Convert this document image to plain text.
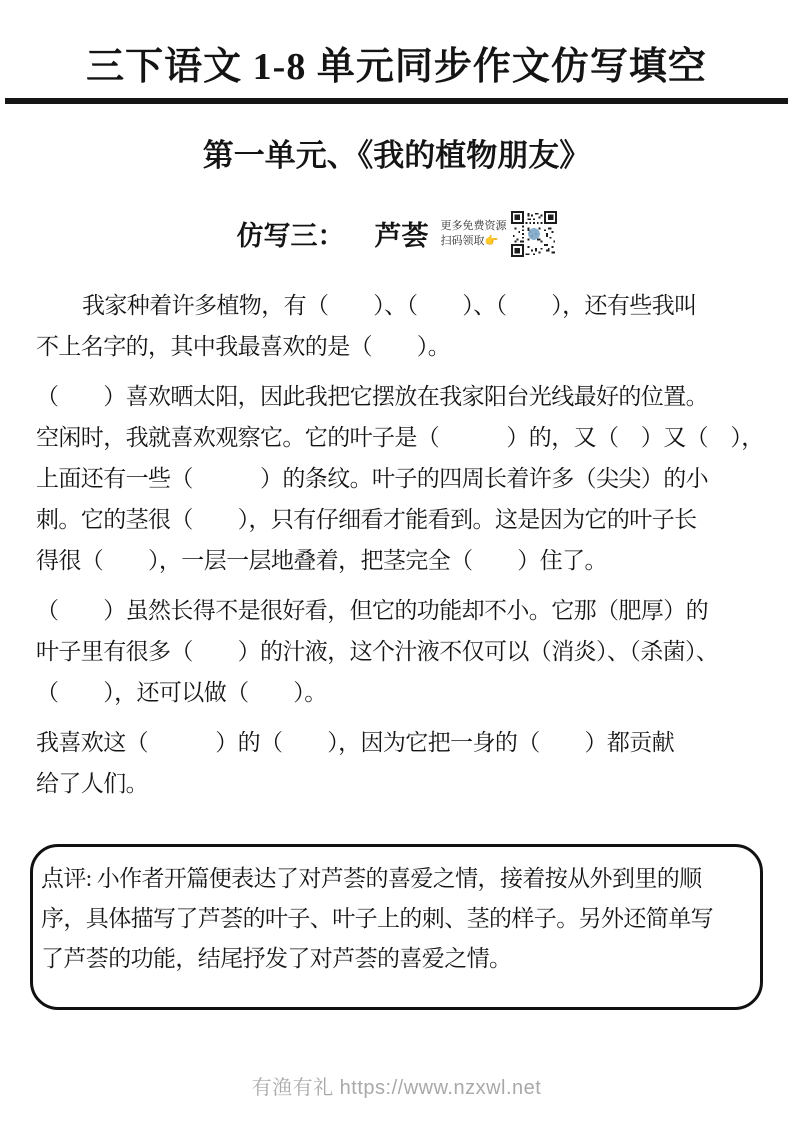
三下语文 1-8 单元同步作文仿写填空
第一单元、《我的植物朋友》
仿写三： 芦荟 更多免费资源
扫码领取👉
我家种着许多植物，有（　　）、（　　）、（　　），还有些我叫
不上名字的，其中我最喜欢的是（　　）。
（　　）喜欢晒太阳，因此我把它摆放在我家阳台光线最好的位置。
空闲时，我就喜欢观察它。它的叶子是（　　　）的，又（　）又（　），
上面还有一些（　　　）的条纹。叶子的四周长着许多（尖尖）的小
刺。它的茎很（　　），只有仔细看才能看到。这是因为它的叶子长
得很（　　），一层一层地叠着，把茎完全（　　）住了。
（　　）虽然长得不是很好看，但它的功能却不小。它那（肥厚）的
叶子里有很多（　　）的汁液，这个汁液不仅可以（消炎）、（杀菌）、
（　　），还可以做（　　）。
我喜欢这（　　　）的（　　），因为它把一身的（　　）都贡献
给了人们。
点评: 小作者开篇便表达了对芦荟的喜爱之情，接着按从外到里的顺
序，具体描写了芦荟的叶子、叶子上的刺、茎的样子。另外还简单写
了芦荟的功能，结尾抒发了对芦荟的喜爱之情。
有渔有礼 https://www.nzxwl.net
